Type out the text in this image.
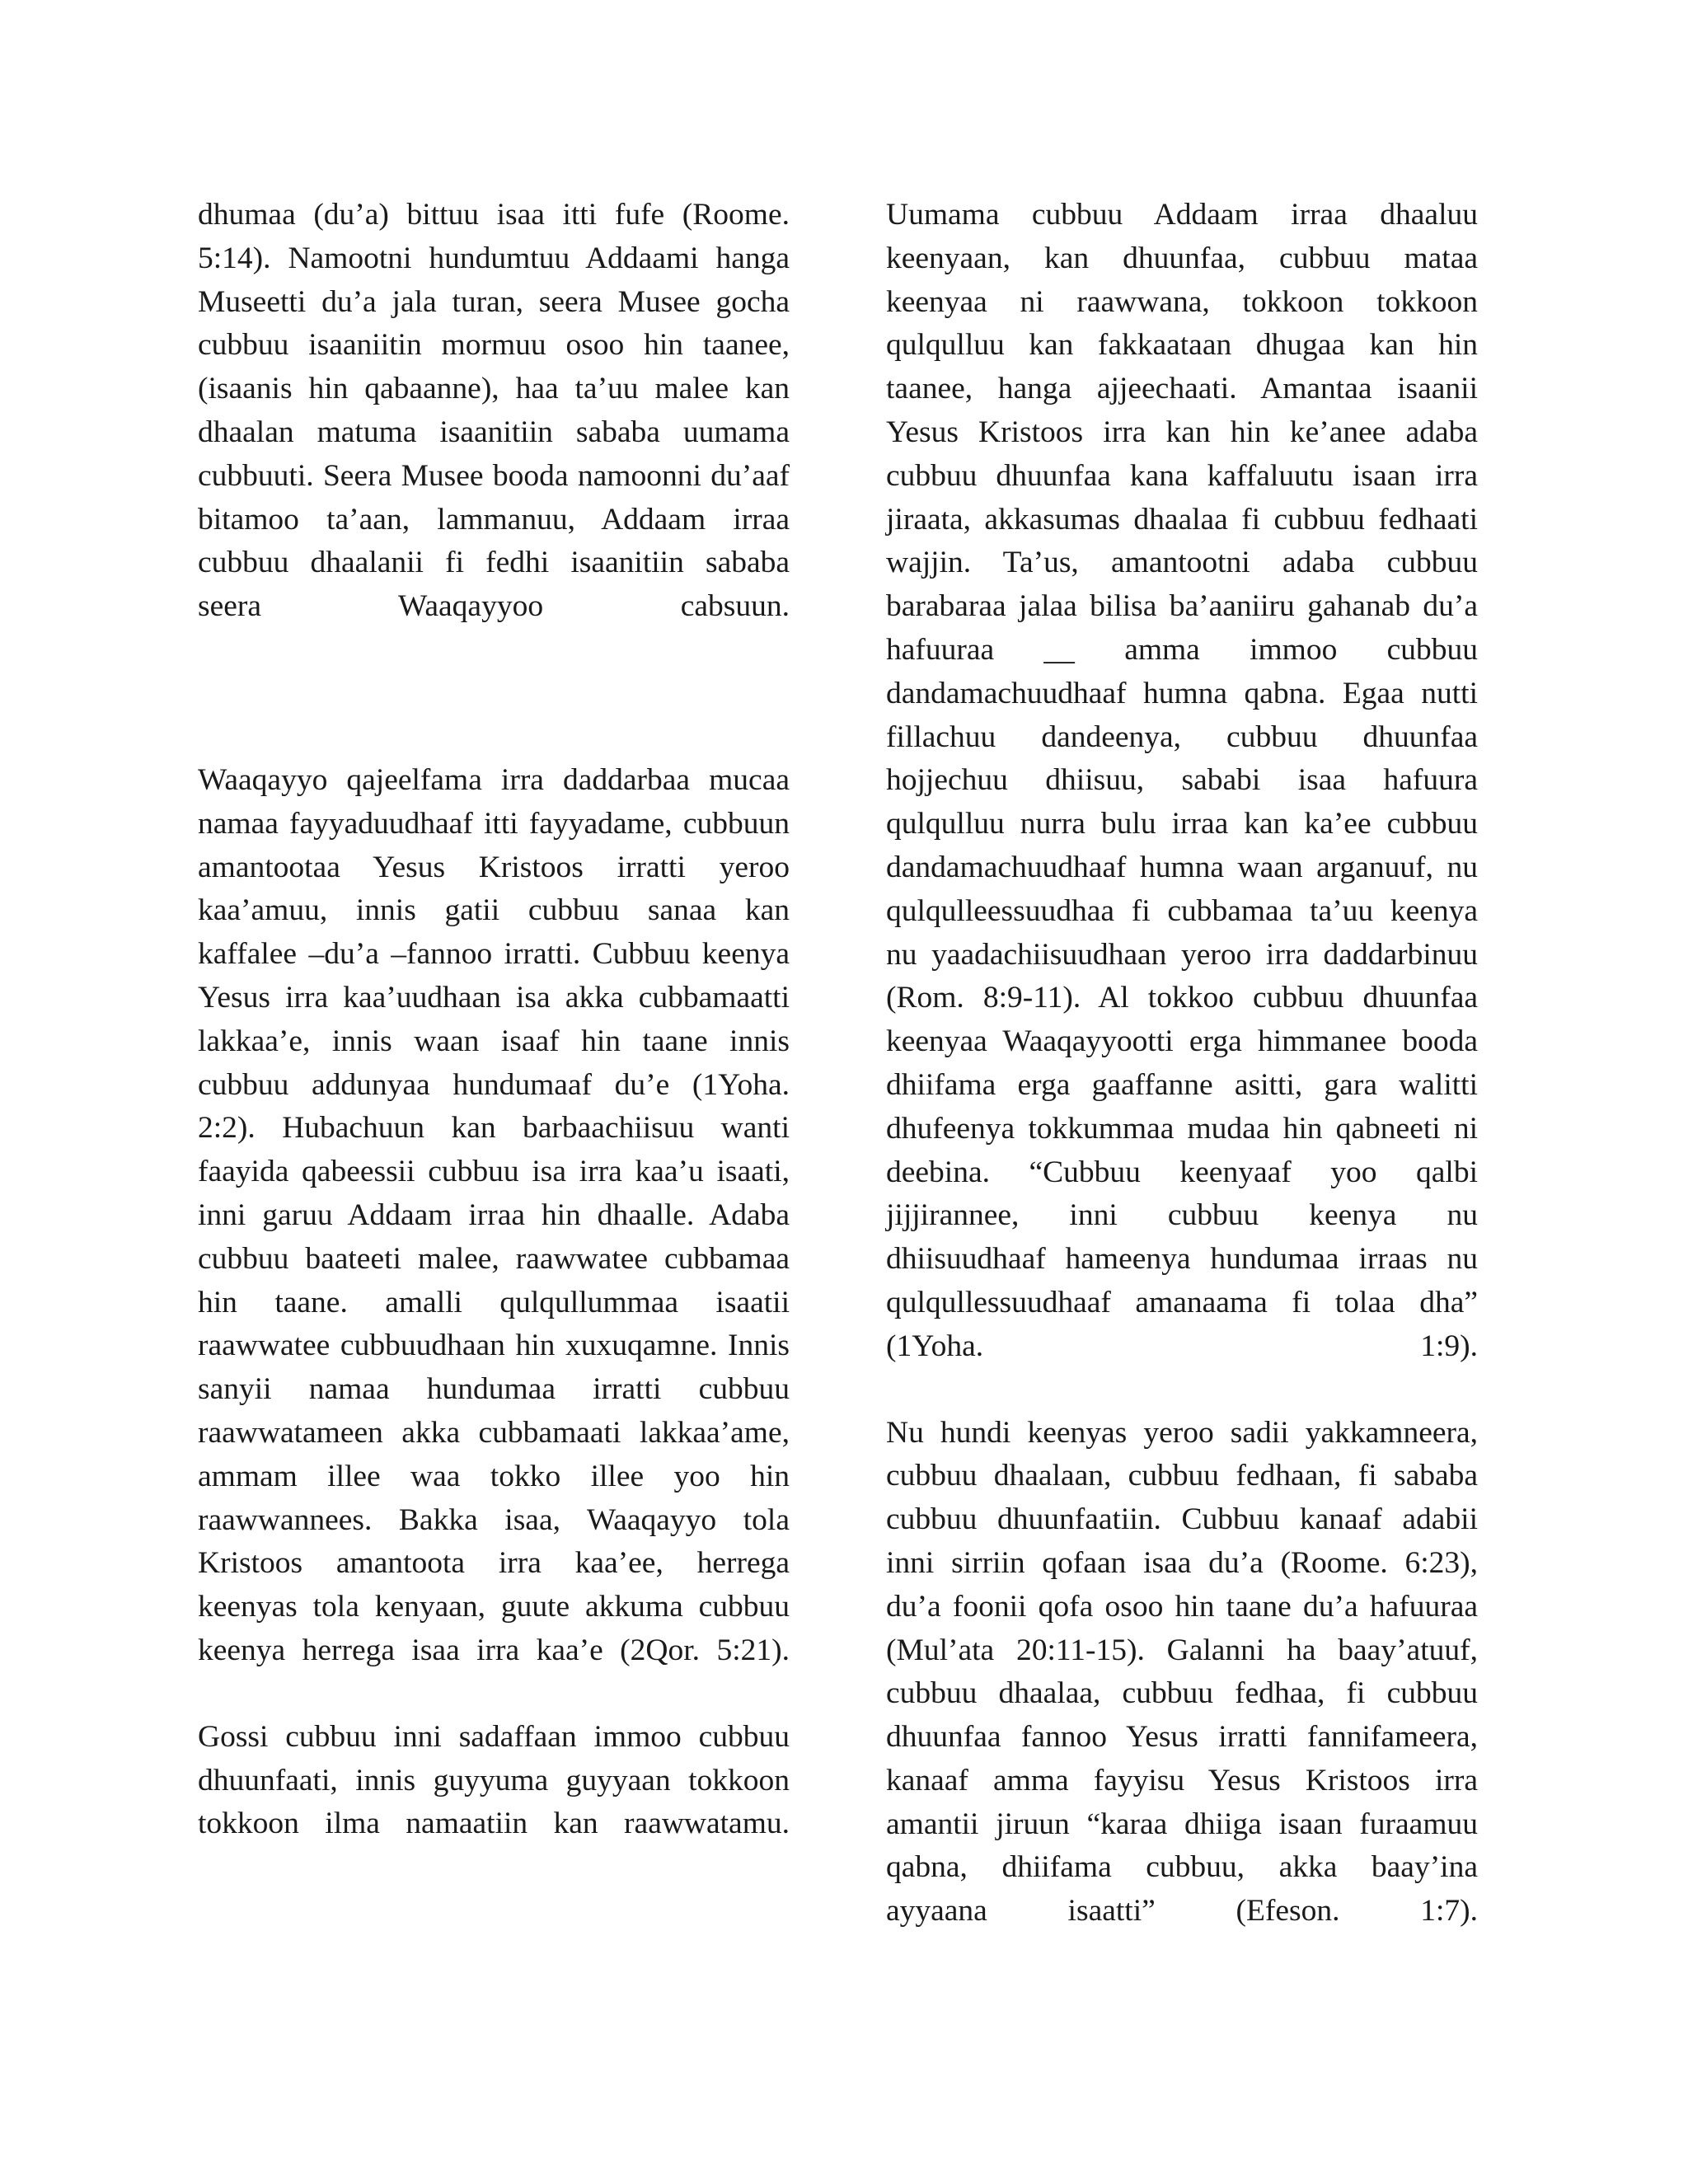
dhumaa (du’a) bittuu isaa itti fufe (Roome. 5:14). Namootni hundumtuu Addaami hanga Museetti du’a jala turan, seera Musee gocha cubbuu isaaniitin mormuu osoo hin taanee, (isaanis hin qabaanne), haa ta’uu malee kan dhaalan matuma isaanitiin sababa uumama cubbuuti. Seera Musee booda namoonni du’aaf bitamoo ta’aan, lammanuu, Addaam irraa cubbuu dhaalanii fi fedhi isaanitiin sababa seera Waaqayyoo cabsuun.

Waaqayyo qajeelfama irra daddarbaa mucaa namaa fayyaduudhaaf itti fayyadame, cubbuun amantootaa Yesus Kristoos irratti yeroo kaa’amuu, innis gatii cubbuu sanaa kan kaffalee –du’a –fannoo irratti. Cubbuu keenya Yesus irra kaa’uudhaan isa akka cubbamaatti lakkaa’e, innis waan isaaf hin taane innis cubbuu addunyaa hundumaaf du’e (1Yoha. 2:2). Hubachuun kan barbaachiisuu wanti faayida qabeessii cubbuu isa irra kaa’u isaati, inni garuu Addaam irraa hin dhaalle. Adaba cubbuu baateeti malee, raawwatee cubbamaa hin taane. amalli qulqullummaa isaatii raawwatee cubbuudhaan hin xuxuqamne. Innis sanyii namaa hundumaa irratti cubbuu raawwatameen akka cubbamaati lakkaa’ame, ammam illee waa tokko illee yoo hin raawwannees. Bakka isaa, Waaqayyo tola Kristoos amantoota irra kaa’ee, herrega keenyas tola kenyaan, guute akkuma cubbuu keenya herrega isaa irra kaa’e (2Qor. 5:21).

Gossi cubbuu inni sadaffaan immoo cubbuu dhuunfaati, innis guyyuma guyyaan tokkoon tokkoon ilma namaatiin kan raawwatamu.

Uumama cubbuu Addaam irraa dhaaluu keenyaan, kan dhuunfaa, cubbuu mataa keenyaa ni raawwana, tokkoon tokkoon qulqulluu kan fakkaataan dhugaa kan hin taanee, hanga ajjeechaati. Amantaa isaanii Yesus Kristoos irra kan hin ke’anee adaba cubbuu dhuunfaa kana kaffaluutu isaan irra jiraata, akkasumas dhaalaa fi cubbuu fedhaati wajjin. Ta’us, amantootni adaba cubbuu barabaraa jalaa bilisa ba’aaniiru gahanab du’a hafuuraa __ amma immoo cubbuu dandamachuudhaaf humna qabna. Egaa nutti fillachuu dandeenya, cubbuu dhuunfaa hojjechuu dhiisuu, sababi isaa hafuura qulqulluu nurra bulu irraa kan ka’ee cubbuu dandamachuudhaaf humna waan arganuuf, nu qulqulleessuudhaa fi cubbamaa ta’uu keenya nu yaadachiisuudhaan yeroo irra daddarbinuu (Rom. 8:9-11). Al tokkoo cubbuu dhuunfaa keenyaa Waaqayyootti erga himmanee booda dhiifama erga gaaffanne asitti, gara walitti dhufeenya tokkummaa mudaa hin qabneeti ni deebina. “Cubbuu keenyaaf yoo qalbi jijjirannee, inni cubbuu keenya nu dhiisuudhaaf hameenya hundumaa irraas nu qulqullessuudhaaf amanaama fi tolaa dha” (1Yoha. 1:9).

Nu hundi keenyas yeroo sadii yakkamneera, cubbuu dhaalaan, cubbuu fedhaan, fi sababa cubbuu dhuunfaatiin. Cubbuu kanaaf adabii inni sirriin qofaan isaa du’a (Roome. 6:23), du’a foonii qofa osoo hin taane du’a hafuuraa (Mul’ata 20:11-15). Galanni ha baay’atuuf, cubbuu dhaalaa, cubbuu fedhaa, fi cubbuu dhuunfaa fannoo Yesus irratti fannifameera, kanaaf amma fayyisu Yesus Kristoos irra amantii jiruun “karaa dhiiga isaan furaamuu qabna, dhiifama cubbuu, akka baay’ina ayyaana isaatti” (Efeson. 1:7).
